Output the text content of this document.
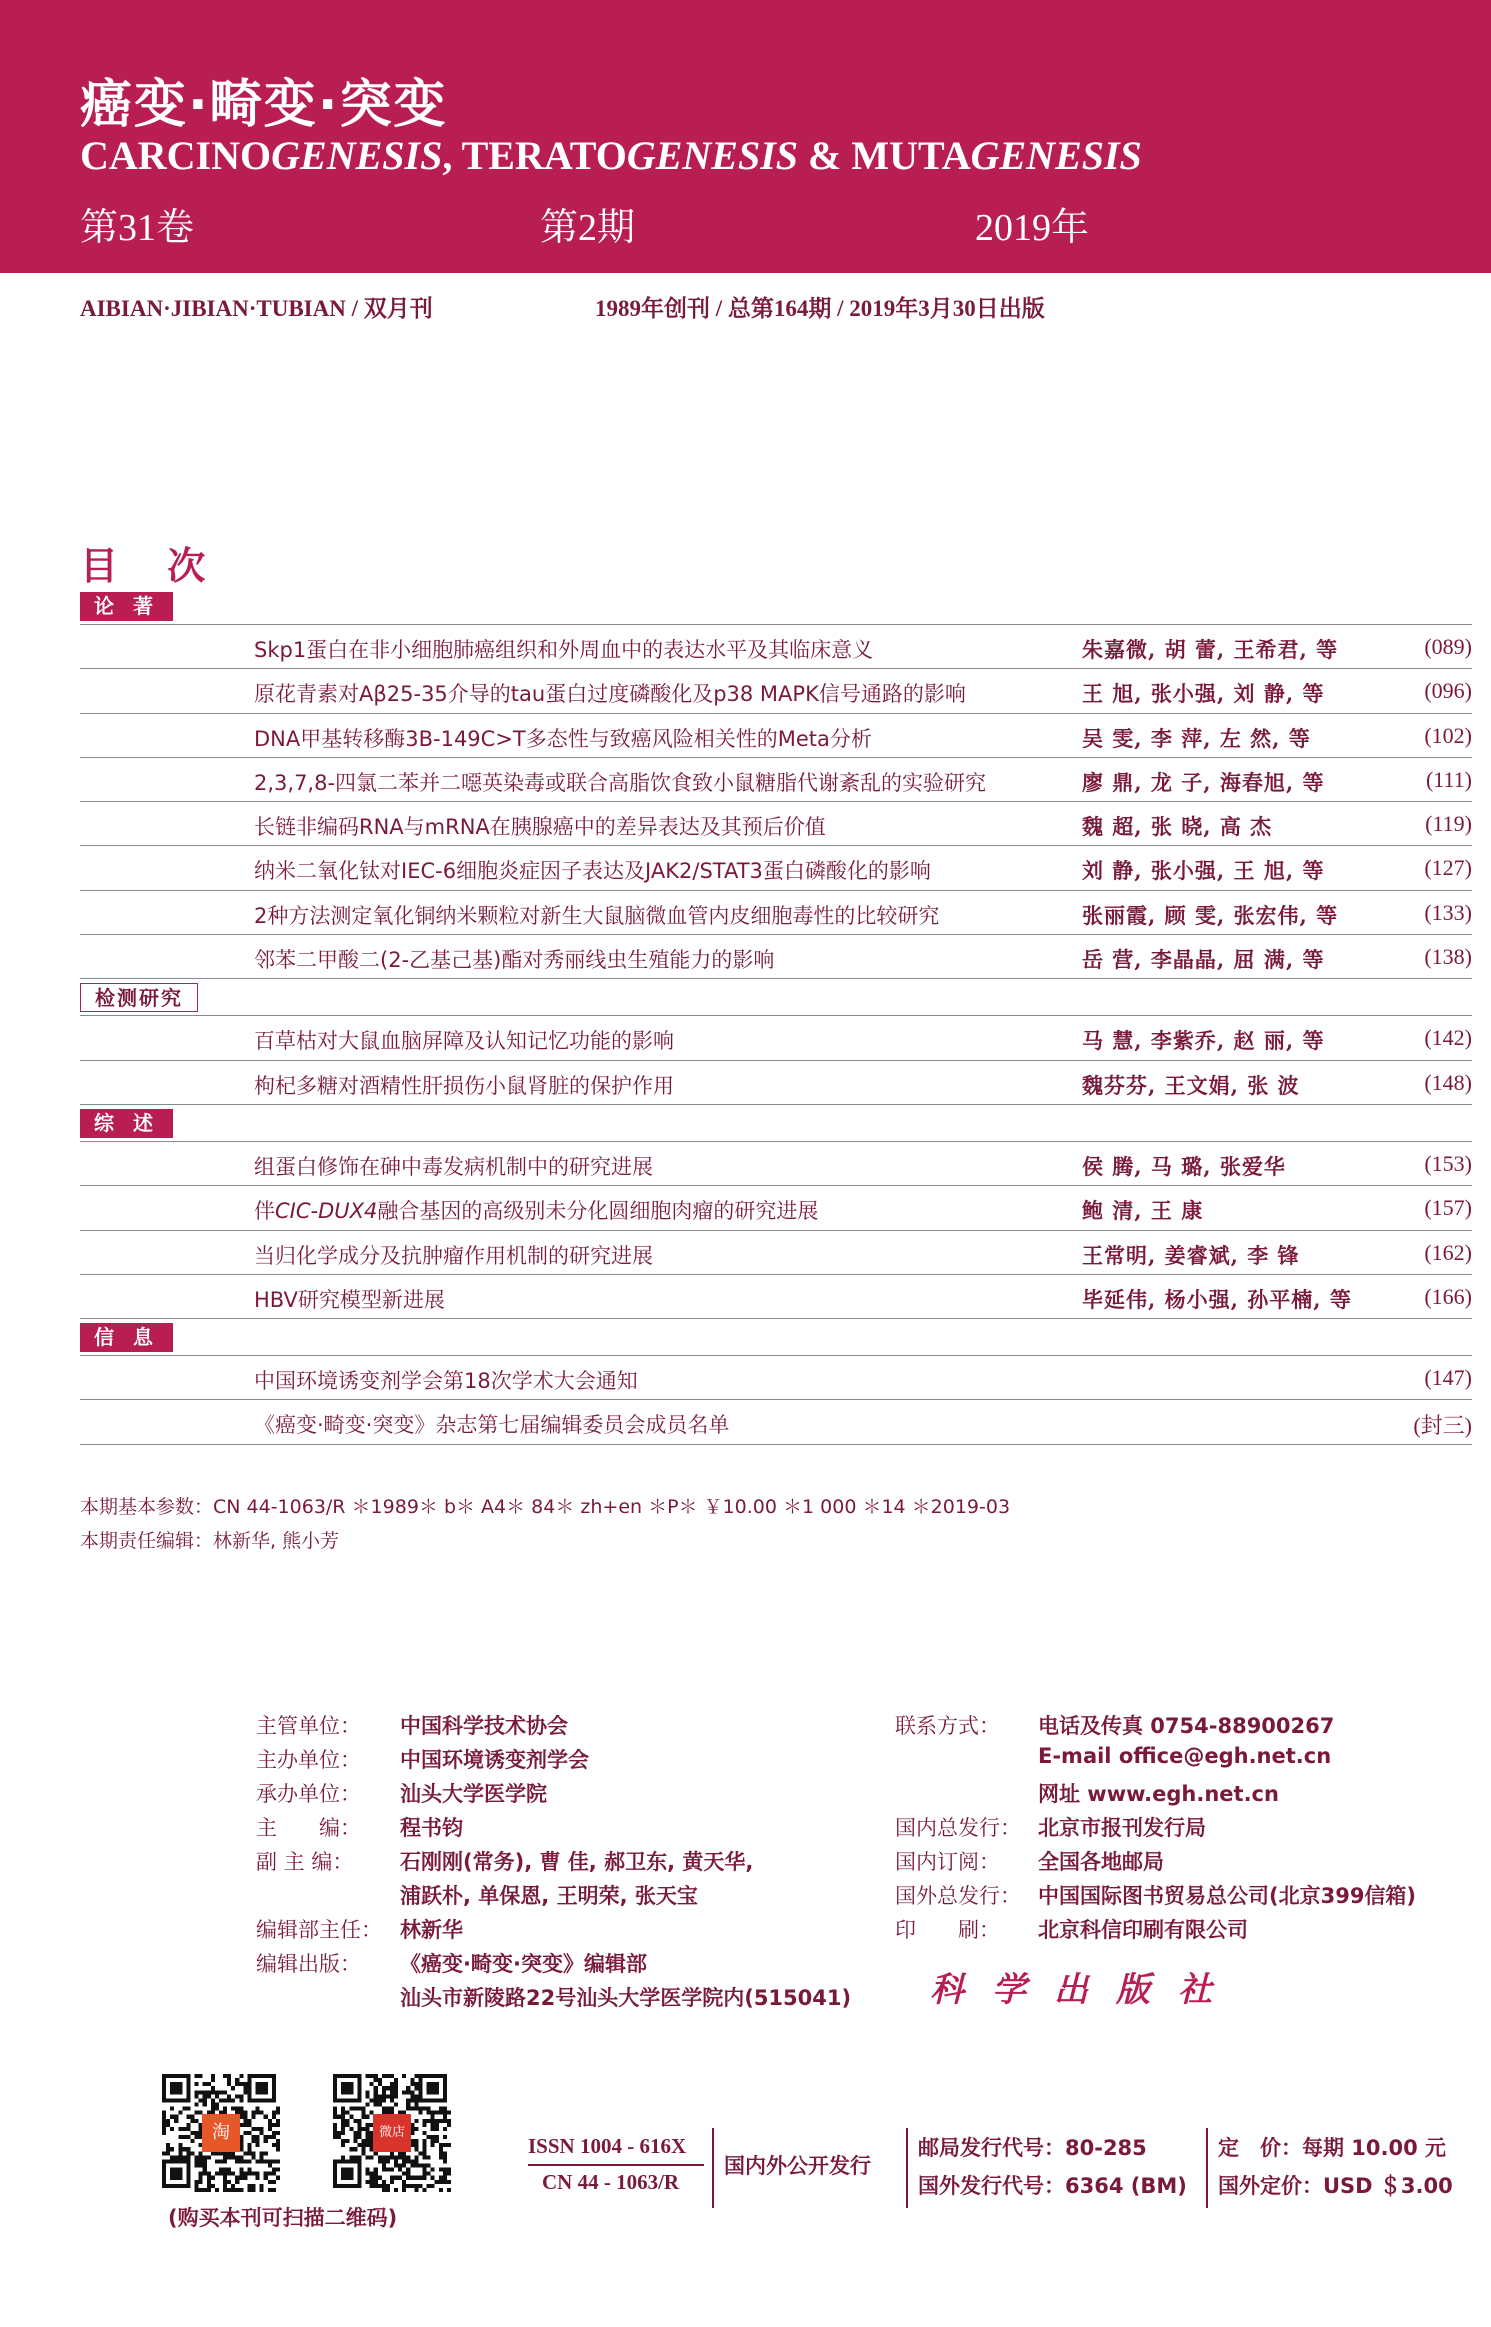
癌变·畸变·突变
CARCINOGENESIS, TERATOGENESIS & MUTAGENESIS
第31卷	第2期	2019年
AIBIAN·JIBIAN·TUBIAN / 双月刊	1989年创刊 / 总第164期 / 2019年3月30日出版
目 次
论 著
Skp1蛋白在非小细胞肺癌组织和外周血中的表达水平及其临床意义	朱嘉微, 胡 蕾, 王希君, 等	(089)
原花青素对Aβ25-35介导的tau蛋白过度磷酸化及p38 MAPK信号通路的影响	王 旭, 张小强, 刘 静, 等	(096)
DNA甲基转移酶3B-149C>T多态性与致癌风险相关性的Meta分析	吴 雯, 李 萍, 左 然, 等	(102)
2,3,7,8-四氯二苯并二噁英染毒或联合高脂饮食致小鼠糖脂代谢紊乱的实验研究	廖 鼎, 龙 子, 海春旭, 等	(111)
长链非编码RNA与mRNA在胰腺癌中的差异表达及其预后价值	魏 超, 张 晓, 高 杰	(119)
纳米二氧化钛对IEC-6细胞炎症因子表达及JAK2/STAT3蛋白磷酸化的影响	刘 静, 张小强, 王 旭, 等	(127)
2种方法测定氧化铜纳米颗粒对新生大鼠脑微血管内皮细胞毒性的比较研究	张丽霞, 顾 雯, 张宏伟, 等	(133)
邻苯二甲酸二(2-乙基己基)酯对秀丽线虫生殖能力的影响	岳 营, 李晶晶, 屈 满, 等	(138)
检测研究
百草枯对大鼠血脑屏障及认知记忆功能的影响	马 慧, 李紫乔, 赵 丽, 等	(142)
枸杞多糖对酒精性肝损伤小鼠肾脏的保护作用	魏芬芬, 王文娟, 张 波	(148)
综 述
组蛋白修饰在砷中毒发病机制中的研究进展	侯 腾, 马 璐, 张爱华	(153)
伴CIC-DUX4融合基因的高级别未分化圆细胞肉瘤的研究进展	鲍 清, 王 康	(157)
当归化学成分及抗肿瘤作用机制的研究进展	王常明, 姜睿斌, 李 锋	(162)
HBV研究模型新进展	毕延伟, 杨小强, 孙平楠, 等	(166)
信 息
中国环境诱变剂学会第18次学术大会通知	(147)
《癌变·畸变·突变》杂志第七届编辑委员会成员名单	(封三)
本期基本参数：CN 44-1063/R ＊1989＊ b＊ A4＊ 84＊ zh+en ＊P＊ ￥10.00 ＊1 000 ＊14 ＊2019-03
本期责任编辑：林新华, 熊小芳
主管单位： 中国科学技术协会
主办单位： 中国环境诱变剂学会
承办单位： 汕头大学医学院
主　　编： 程书钧
副 主 编： 石刚刚(常务), 曹 佳, 郝卫东, 黄天华,
浦跃朴, 单保恩, 王明荣, 张天宝
编辑部主任： 林新华
编辑出版： 《癌变·畸变·突变》编辑部
汕头市新陵路22号汕头大学医学院内(515041)
联系方式： 电话及传真 0754-88900267
E-mail office@egh.net.cn
网址 www.egh.net.cn
国内总发行： 北京市报刊发行局
国内订阅： 全国各地邮局
国外总发行： 中国国际图书贸易总公司(北京399信箱)
印　　刷： 北京科信印刷有限公司
科学出版社
淘	微店
(购买本刊可扫描二维码)
ISSN 1004 - 616X
CN 44 - 1063/R
国内外公开发行
邮局发行代号：80-285
国外发行代号：6364 (BM)
定　价：每期 10.00 元
国外定价：USD ＄3.00
